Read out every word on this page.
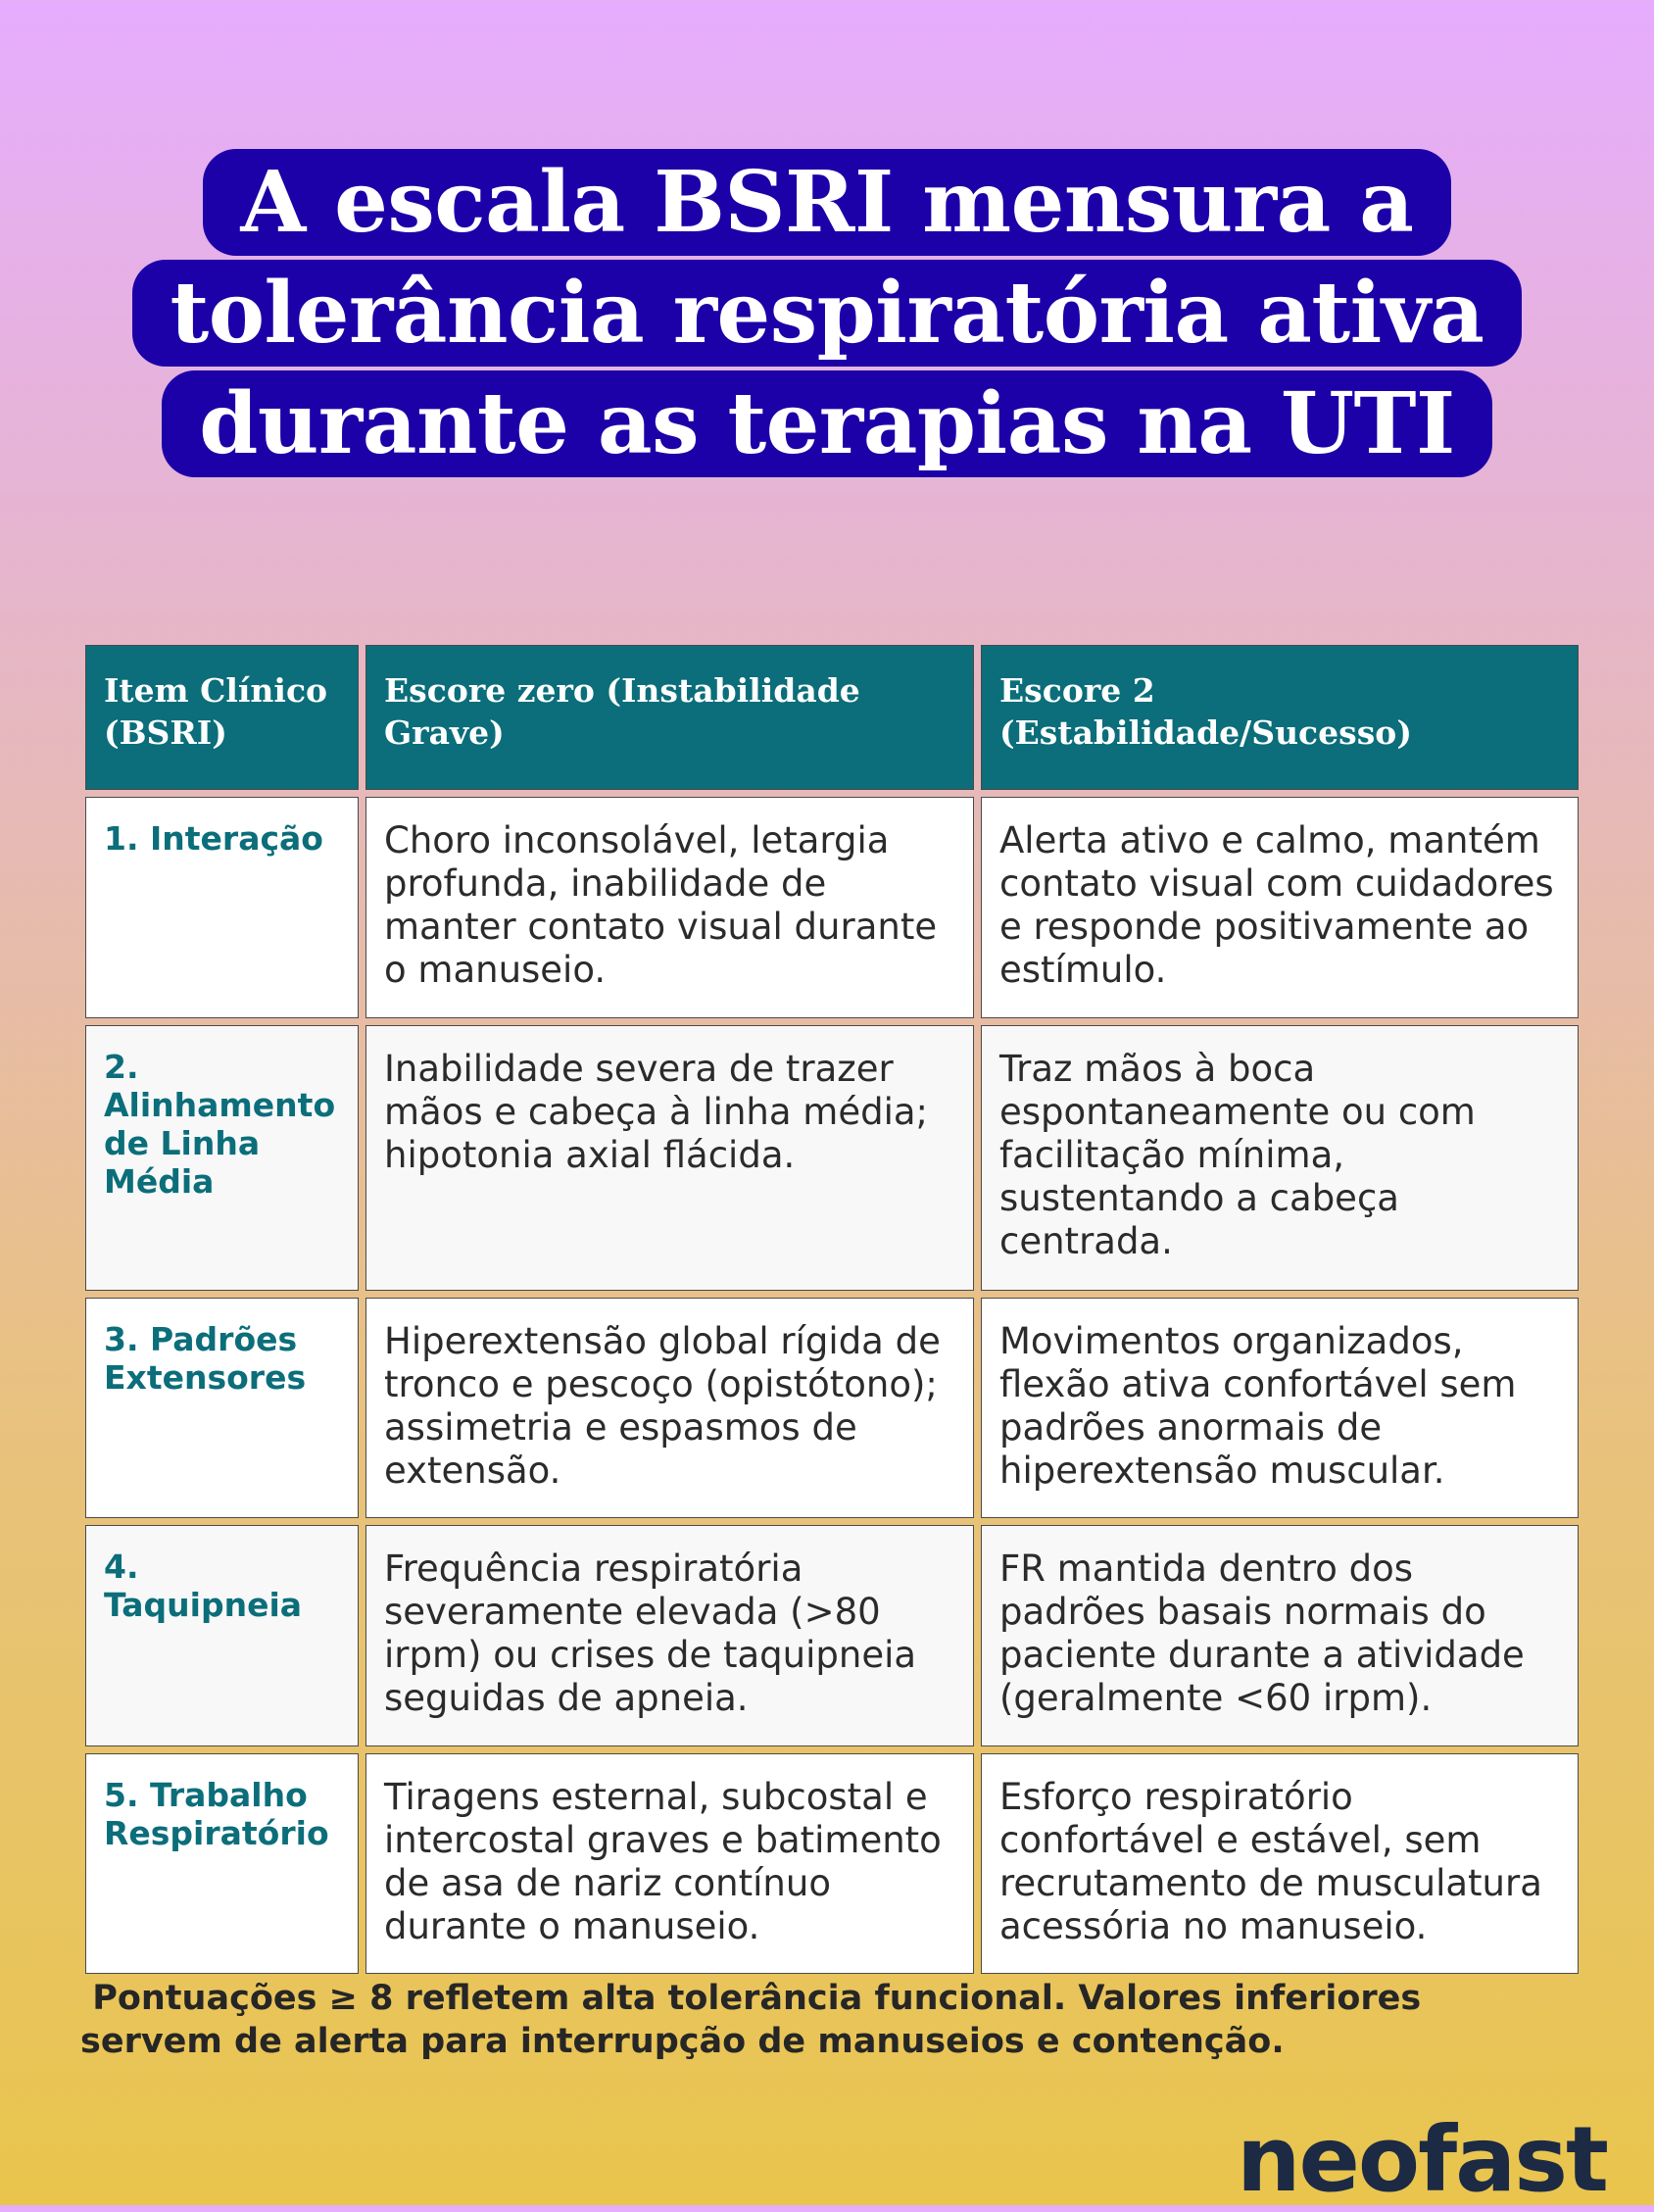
A escala BSRI mensura a tolerância respiratória ativa durante as terapias na UTI
Item Clínico (BSRI)	Escore zero (Instabilidade Grave)	Escore 2 (Estabilidade/Sucesso)
1. Interação	Choro inconsolável, letargia profunda, inabilidade de manter contato visual durante o manuseio.	Alerta ativo e calmo, mantém contato visual com cuidadores e responde positivamente ao estímulo.
2. Alinhamento de Linha Média	Inabilidade severa de trazer mãos e cabeça à linha média; hipotonia axial flácida.	Traz mãos à boca espontaneamente ou com facilitação mínima, sustentando a cabeça centrada.
3. Padrões Extensores	Hiperextensão global rígida de tronco e pescoço (opistótono); assimetria e espasmos de extensão.	Movimentos organizados, flexão ativa confortável sem padrões anormais de hiperextensão muscular.
4. Taquipneia	Frequência respiratória severamente elevada (>80 irpm) ou crises de taquipneia seguidas de apneia.	FR mantida dentro dos padrões basais normais do paciente durante a atividade (geralmente <60 irpm).
5. Trabalho Respiratório	Tiragens esternal, subcostal e intercostal graves e batimento de asa de nariz contínuo durante o manuseio.	Esforço respiratório confortável e estável, sem recrutamento de musculatura acessória no manuseio.
Pontuações ≥ 8 refletem alta tolerância funcional. Valores inferiores servem de alerta para interrupção de manuseios e contenção.
neofast
